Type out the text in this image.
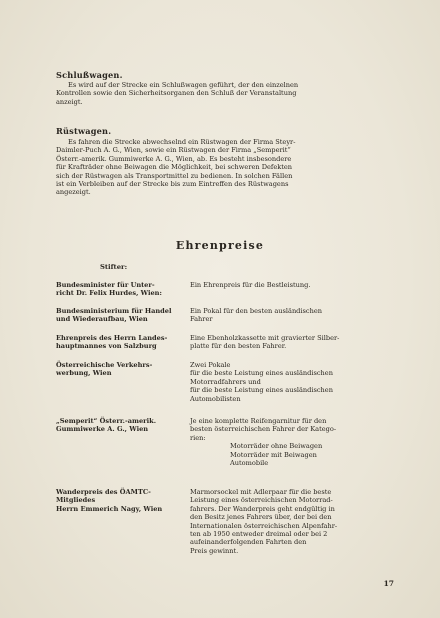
Schlußwagen.
Es wird auf der Strecke ein Schlußwagen geführt, der den einzelnen
Kontrollen sowie den Sicherheitsorganen den Schluß der Veranstaltung
anzeigt.
Rüstwagen.
Es fahren die Strecke abwechselnd ein Rüstwagen der Firma Steyr-
Daimler-Puch A. G., Wien, sowie ein Rüstwagen der Firma „Semperit“
Österr.-amerik. Gummiwerke A. G., Wien, ab. Es besteht insbesondere
für Krafträder ohne Beiwagen die Möglichkeit, bei schweren Defekten
sich der Rüstwagen als Transportmittel zu bedienen. In solchen Fällen
ist ein Verbleiben auf der Strecke bis zum Eintreffen des Rüstwagens
angezeigt.
Ehrenpreise
Stifter:
Bundesminister für Unter-
richt Dr. Felix Hurdes, Wien:
Ein Ehrenpreis für die Bestleistung.
Bundesministerium für Handel
und Wiederaufbau, Wien
Ein Pokal für den besten ausländischen
Fahrer
Ehrenpreis des Herrn Landes-
hauptmannes von Salzburg
Eine Ebenholzkassette mit gravierter Silber-
platte für den besten Fahrer.
Österreichische Verkehrs-
werbung, Wien
Zwei Pokale
für die beste Leistung eines ausländischen
Motorradfahrers und
für die beste Leistung eines ausländischen
Automobilisten
„Semperit“ Österr.-amerik.
Gummiwerke A. G., Wien
Je eine komplette Reifengarnitur für den
besten österreichischen Fahrer der Katego-
rien:
Motorräder ohne Beiwagen
Motorräder mit Beiwagen
Automobile
Wanderpreis des ÖAMTC-
Mitgliedes
Herrn Emmerich Nagy, Wien
Marmorsockel mit Adlerpaar für die beste
Leistung eines österreichischen Motorrad-
fahrers. Der Wanderpreis geht endgültig in
den Besitz jenes Fahrers über, der bei den
Internationalen österreichischen Alpenfahr-
ten ab 1950 entweder dreimal oder bei 2
aufeinanderfolgenden Fahrten den
Preis gewinnt.
17
